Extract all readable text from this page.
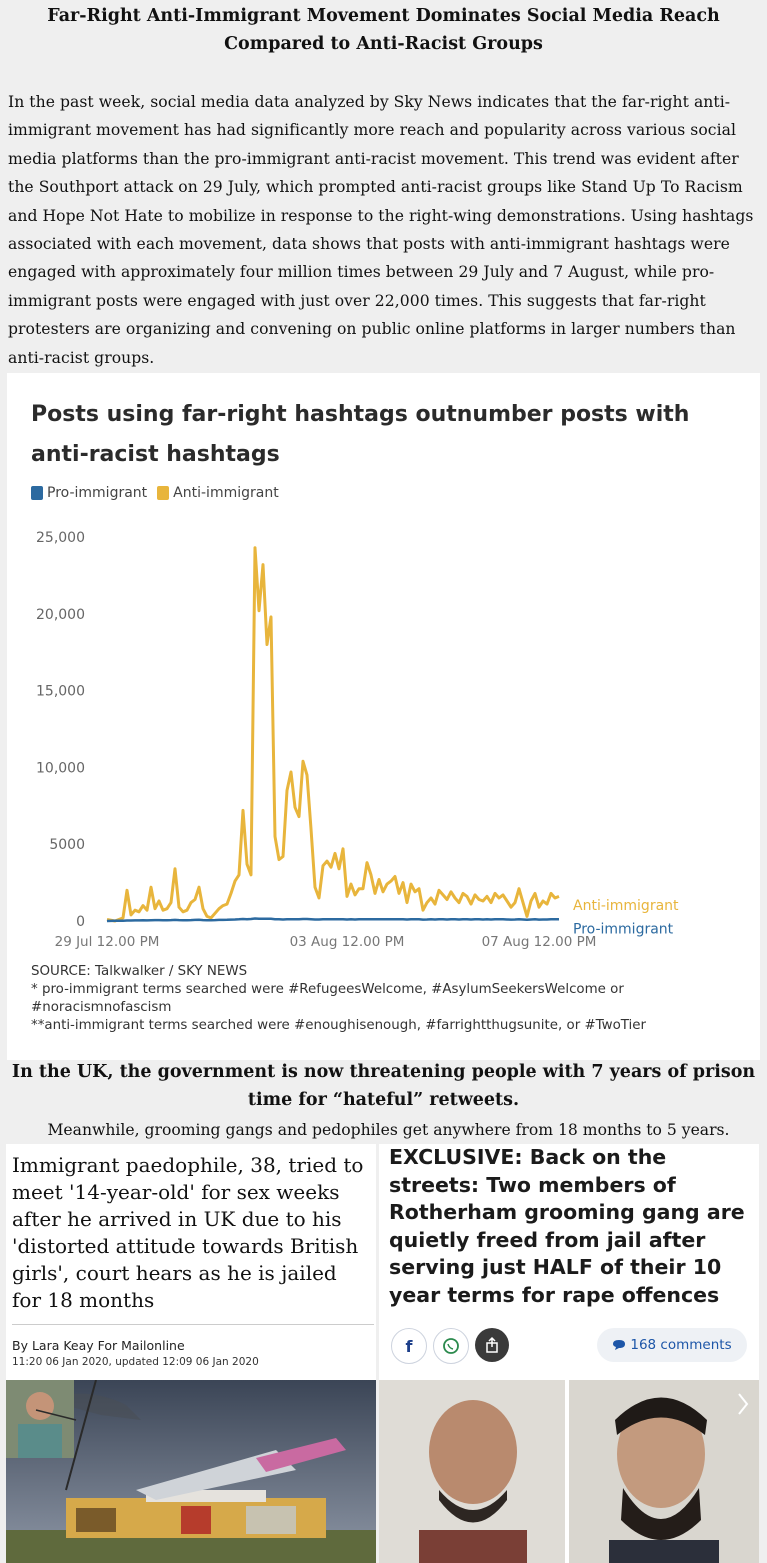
Far-Right Anti-Immigrant Movement Dominates Social Media Reach Compared to Anti-Racist Groups
In the past week, social media data analyzed by Sky News indicates that the far-right anti-immigrant movement has had significantly more reach and popularity across various social media platforms than the pro-immigrant anti-racist movement. This trend was evident after the Southport attack on 29 July, which prompted anti-racist groups like Stand Up To Racism and Hope Not Hate to mobilize in response to the right-wing demonstrations. Using hashtags associated with each movement, data shows that posts with anti-immigrant hashtags were engaged with approximately four million times between 29 July and 7 August, while pro-immigrant posts were engaged with just over 22,000 times. This suggests that far-right protesters are organizing and convening on public online platforms in larger numbers than anti-racist groups.
Posts using far-right hashtags outnumber posts with anti-racist hashtags
Pro-immigrant Anti-immigrant
0
5000
10,000
15,000
20,000
25,000
29 Jul 12.00 PM	03 Aug 12.00 PM	07 Aug 12.00 PM
Anti-immigrant
Pro-immigrant
SOURCE: Talkwalker / SKY NEWS
* pro-immigrant terms searched were #RefugeesWelcome, #AsylumSeekersWelcome or #noracismnofascism
**anti-immigrant terms searched were #enoughisenough, #farrightthugsunite, or #TwoTier
In the UK, the government is now threatening people with 7 years of prison time for “hateful” retweets.
Meanwhile, grooming gangs and pedophiles get anywhere from 18 months to 5 years.
Immigrant paedophile, 38, tried to meet '14-year-old' for sex weeks after he arrived in UK due to his 'distorted attitude towards British girls', court hears as he is jailed for 18 months
By Lara Keay For Mailonline
11:20 06 Jan 2020, updated 12:09 06 Jan 2020
EXCLUSIVE: Back on the streets: Two members of Rotherham grooming gang are quietly freed from jail after serving just HALF of their 10 year terms for rape offences
f	168 comments
